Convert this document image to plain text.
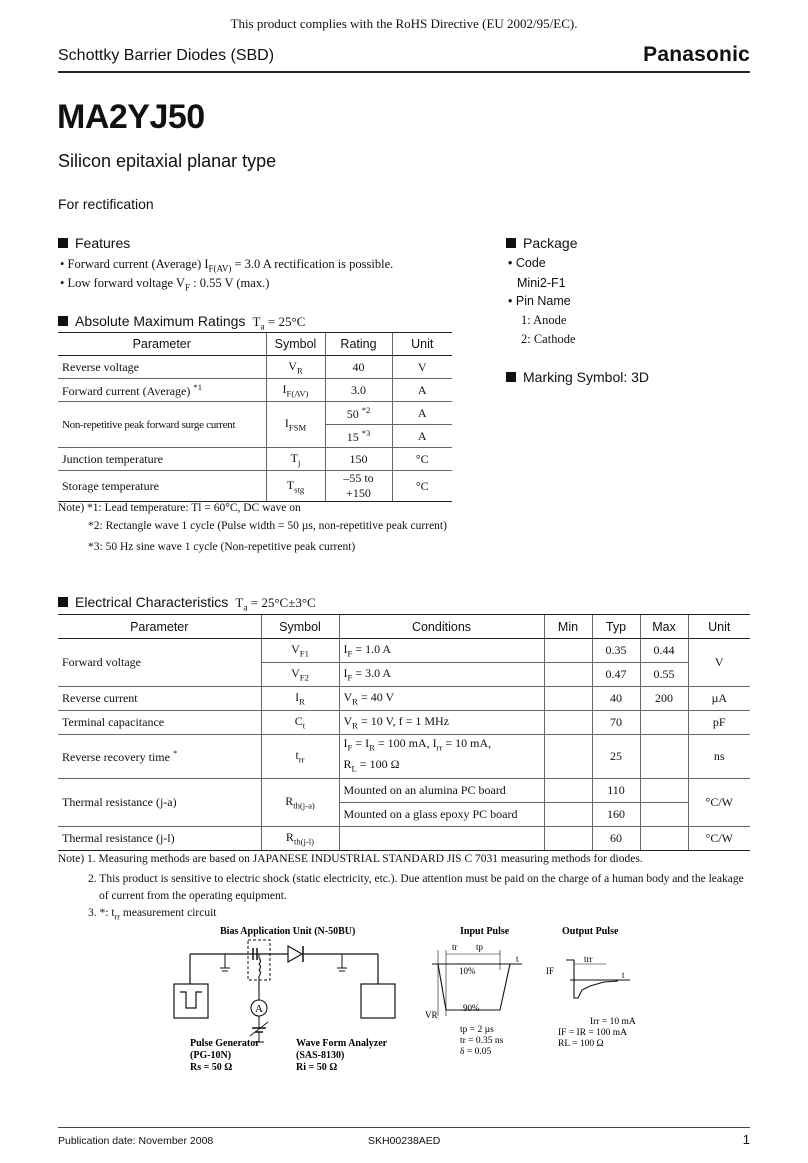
This product complies with the RoHS Directive (EU 2002/95/EC).
Schottky Barrier Diodes (SBD)	Panasonic
MA2YJ50
Silicon epitaxial planar type
For rectification
Features
• Forward current (Average) $I_{F(AV)} = 3.0$ A rectification is possible.
• Low forward voltage $V_F$ : 0.55 V (max.)
Package
• Code
Mini2-F1
• Pin Name
1: Anode
2: Cathode
Marking Symbol: 3D
Absolute Maximum Ratings  $T_a = 25^\circ C$
Parameter	Symbol	Rating	Unit
Reverse voltage	$V_R$	40	V
Forward current (Average) $^{*1}$	$I_{F(AV)}$	3.0	A
Non-repetitive peak forward surge current	$I_{FSM}$	50 $^{*2}$	A
		15 $^{*3}$	A
Junction temperature	$T_j$	150	°C
Storage temperature	$T_{stg}$	–55 to +150	°C
Note) *1: Lead temperature: Tl = 60°C, DC wave on
*2: Rectangle wave 1 cycle (Pulse width = 50 µs, non-repetitive peak current)
*3: 50 Hz sine wave 1 cycle (Non-repetitive peak current)
Electrical Characteristics  $T_a = 25^\circ C\pm 3^\circ C$
Parameter	Symbol	Conditions	Min	Typ	Max	Unit
Forward voltage	$V_{F1}$	$I_F = 1.0$ A		0.35	0.44	V
	$V_{F2}$	$I_F = 3.0$ A		0.47	0.55	
Reverse current	$I_R$	$V_R = 40$ V		40	200	µA
Terminal capacitance	$C_t$	$V_R = 10$ V, f = 1 MHz		70		pF
Reverse recovery time *	$t_{rr}$	$I_F = I_R = 100$ mA, $I_{rr} = 10$ mA,
$R_L = 100$ Ω		25		ns
Thermal resistance (j-a)	$R_{th(j-a)}$	Mounted on an alumina PC board		110		°C/W
		Mounted on a glass epoxy PC board		160		
Thermal resistance (j-l)	$R_{th(j-l)}$			60		°C/W
Note) 1. Measuring methods are based on JAPANESE INDUSTRIAL STANDARD JIS C 7031 measuring methods for diodes.
2. This product is sensitive to electric shock (static electricity, etc.). Due attention must be paid on the charge of a human body and the leakage of current from the operating equipment.
3. *: $t_{rr}$ measurement circuit
Bias Application Unit (N-50BU)
A
Pulse Generator
(PG-10N)
Rs = 50 Ω
Wave Form Analyzer
(SAS-8130)
Ri = 50 Ω
Input Pulse
tr tp
t
10%
90%
VR
tp = 2 µs
tr = 0.35 ns
δ = 0.05
Output Pulse
trr
IF	t
Irr = 10 mA
IF = IR = 100 mA
RL = 100 Ω
Publication date: November 2008	SKH00238AED	1
